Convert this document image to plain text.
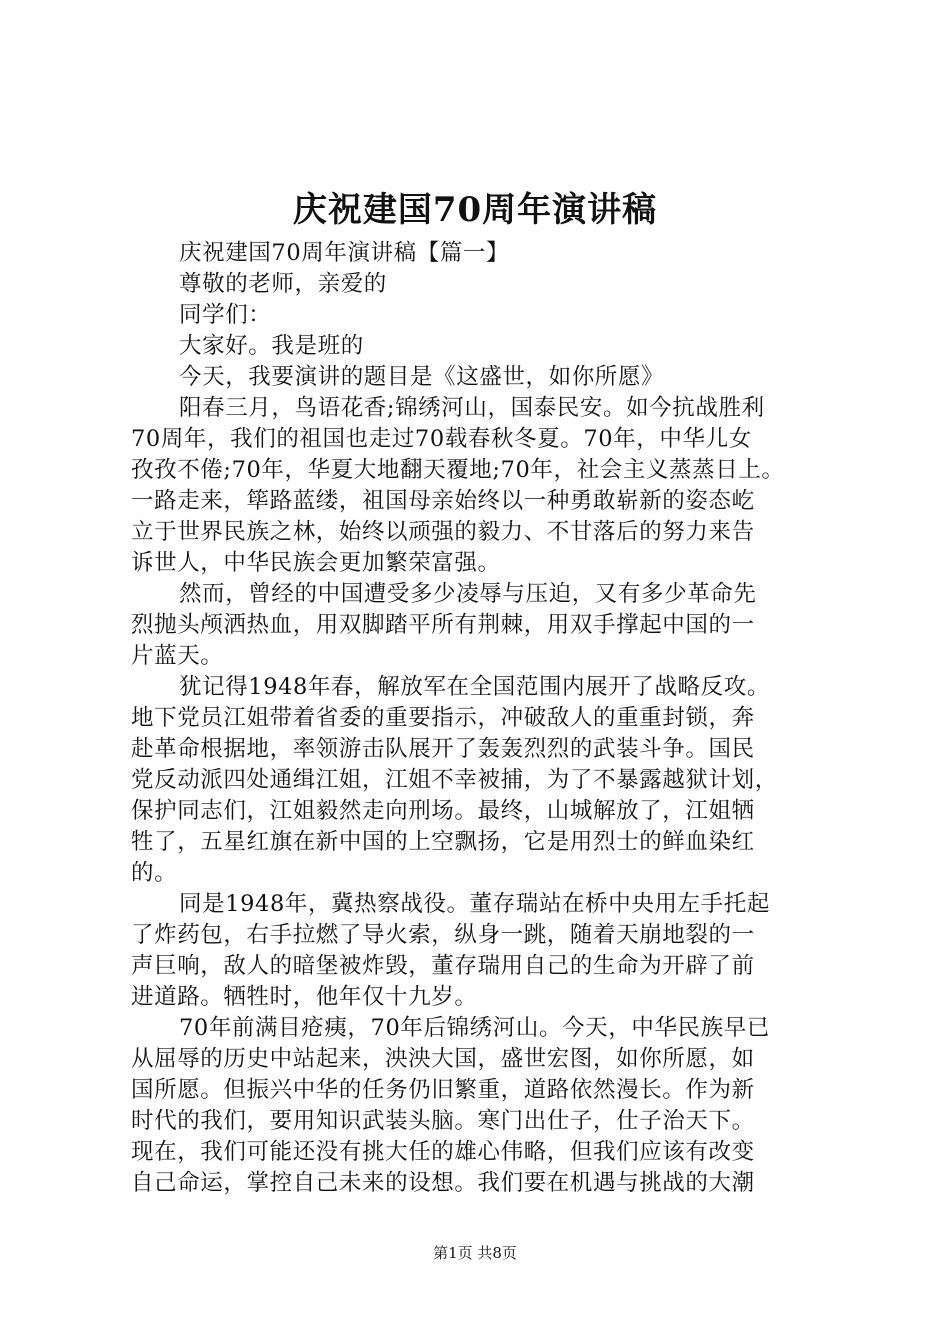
庆祝建国70周年演讲稿

庆祝建国70周年演讲稿【篇一】

尊敬的老师，亲爱的

同学们：

大家好。我是班的

今天，我要演讲的题目是《这盛世，如你所愿》

阳春三月，鸟语花香;锦绣河山，国泰民安。如今抗战胜利

70周年，我们的祖国也走过70载春秋冬夏。70年，中华儿女

孜孜不倦;70年，华夏大地翻天覆地;70年，社会主义蒸蒸日上。

一路走来，筚路蓝缕，祖国母亲始终以一种勇敢崭新的姿态屹

立于世界民族之林，始终以顽强的毅力、不甘落后的努力来告

诉世人，中华民族会更加繁荣富强。

然而，曾经的中国遭受多少凌辱与压迫，又有多少革命先

烈抛头颅洒热血，用双脚踏平所有荆棘，用双手撑起中国的一

片蓝天。

犹记得1948年春，解放军在全国范围内展开了战略反攻。

地下党员江姐带着省委的重要指示，冲破敌人的重重封锁，奔

赴革命根据地，率领游击队展开了轰轰烈烈的武装斗争。国民

党反动派四处通缉江姐，江姐不幸被捕，为了不暴露越狱计划，

保护同志们，江姐毅然走向刑场。最终，山城解放了，江姐牺

牲了，五星红旗在新中国的上空飘扬，它是用烈士的鲜血染红

的。

同是1948年，冀热察战役。董存瑞站在桥中央用左手托起

了炸药包，右手拉燃了导火索，纵身一跳，随着天崩地裂的一

声巨响，敌人的暗堡被炸毁，董存瑞用自己的生命为开辟了前

进道路。牺牲时，他年仅十九岁。

70年前满目疮痍，70年后锦绣河山。今天，中华民族早已

从屈辱的历史中站起来，泱泱大国，盛世宏图，如你所愿，如

国所愿。但振兴中华的任务仍旧繁重，道路依然漫长。作为新

时代的我们，要用知识武装头脑。寒门出仕子，仕子治天下。

现在，我们可能还没有挑大任的雄心伟略，但我们应该有改变

自己命运，掌控自己未来的设想。我们要在机遇与挑战的大潮

第1页 共8页
